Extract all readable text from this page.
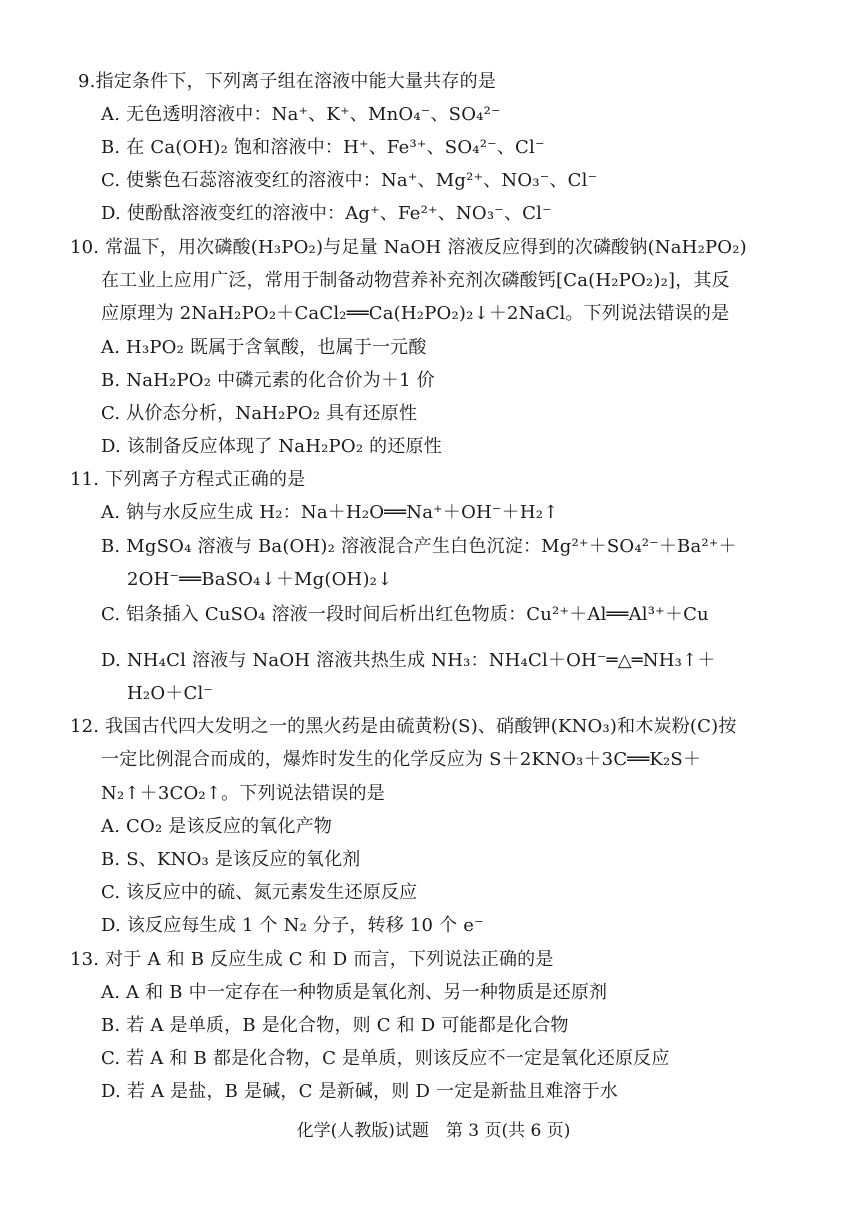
9.指定条件下，下列离子组在溶液中能大量共存的是
A. 无色透明溶液中：Na⁺、K⁺、MnO₄⁻、SO₄²⁻
B. 在 Ca(OH)₂ 饱和溶液中：H⁺、Fe³⁺、SO₄²⁻、Cl⁻
C. 使紫色石蕊溶液变红的溶液中：Na⁺、Mg²⁺、NO₃⁻、Cl⁻
D. 使酚酞溶液变红的溶液中：Ag⁺、Fe²⁺、NO₃⁻、Cl⁻
10. 常温下，用次磷酸(H₃PO₂)与足量 NaOH 溶液反应得到的次磷酸钠(NaH₂PO₂)
在工业上应用广泛，常用于制备动物营养补充剂次磷酸钙[Ca(H₂PO₂)₂]，其反
应原理为 2NaH₂PO₂＋CaCl₂══Ca(H₂PO₂)₂↓＋2NaCl。下列说法错误的是
A. H₃PO₂ 既属于含氧酸，也属于一元酸
B. NaH₂PO₂ 中磷元素的化合价为＋1 价
C. 从价态分析，NaH₂PO₂ 具有还原性
D. 该制备反应体现了 NaH₂PO₂ 的还原性
11. 下列离子方程式正确的是
A. 钠与水反应生成 H₂：Na＋H₂O══Na⁺＋OH⁻＋H₂↑
B. MgSO₄ 溶液与 Ba(OH)₂ 溶液混合产生白色沉淀：Mg²⁺＋SO₄²⁻＋Ba²⁺＋
2OH⁻══BaSO₄↓＋Mg(OH)₂↓
C. 铝条插入 CuSO₄ 溶液一段时间后析出红色物质：Cu²⁺＋Al══Al³⁺＋Cu
D. NH₄Cl 溶液与 NaOH 溶液共热生成 NH₃：NH₄Cl＋OH⁻═△═NH₃↑＋
H₂O＋Cl⁻
12. 我国古代四大发明之一的黑火药是由硫黄粉(S)、硝酸钾(KNO₃)和木炭粉(C)按
一定比例混合而成的，爆炸时发生的化学反应为 S＋2KNO₃＋3C══K₂S＋
N₂↑＋3CO₂↑。下列说法错误的是
A. CO₂ 是该反应的氧化产物
B. S、KNO₃ 是该反应的氧化剂
C. 该反应中的硫、氮元素发生还原反应
D. 该反应每生成 1 个 N₂ 分子，转移 10 个 e⁻
13. 对于 A 和 B 反应生成 C 和 D 而言，下列说法正确的是
A. A 和 B 中一定存在一种物质是氧化剂、另一种物质是还原剂
B. 若 A 是单质，B 是化合物，则 C 和 D 可能都是化合物
C. 若 A 和 B 都是化合物，C 是单质，则该反应不一定是氧化还原反应
D. 若 A 是盐，B 是碱，C 是新碱，则 D 一定是新盐且难溶于水
化学(人教版)试题　第 3 页(共 6 页)
